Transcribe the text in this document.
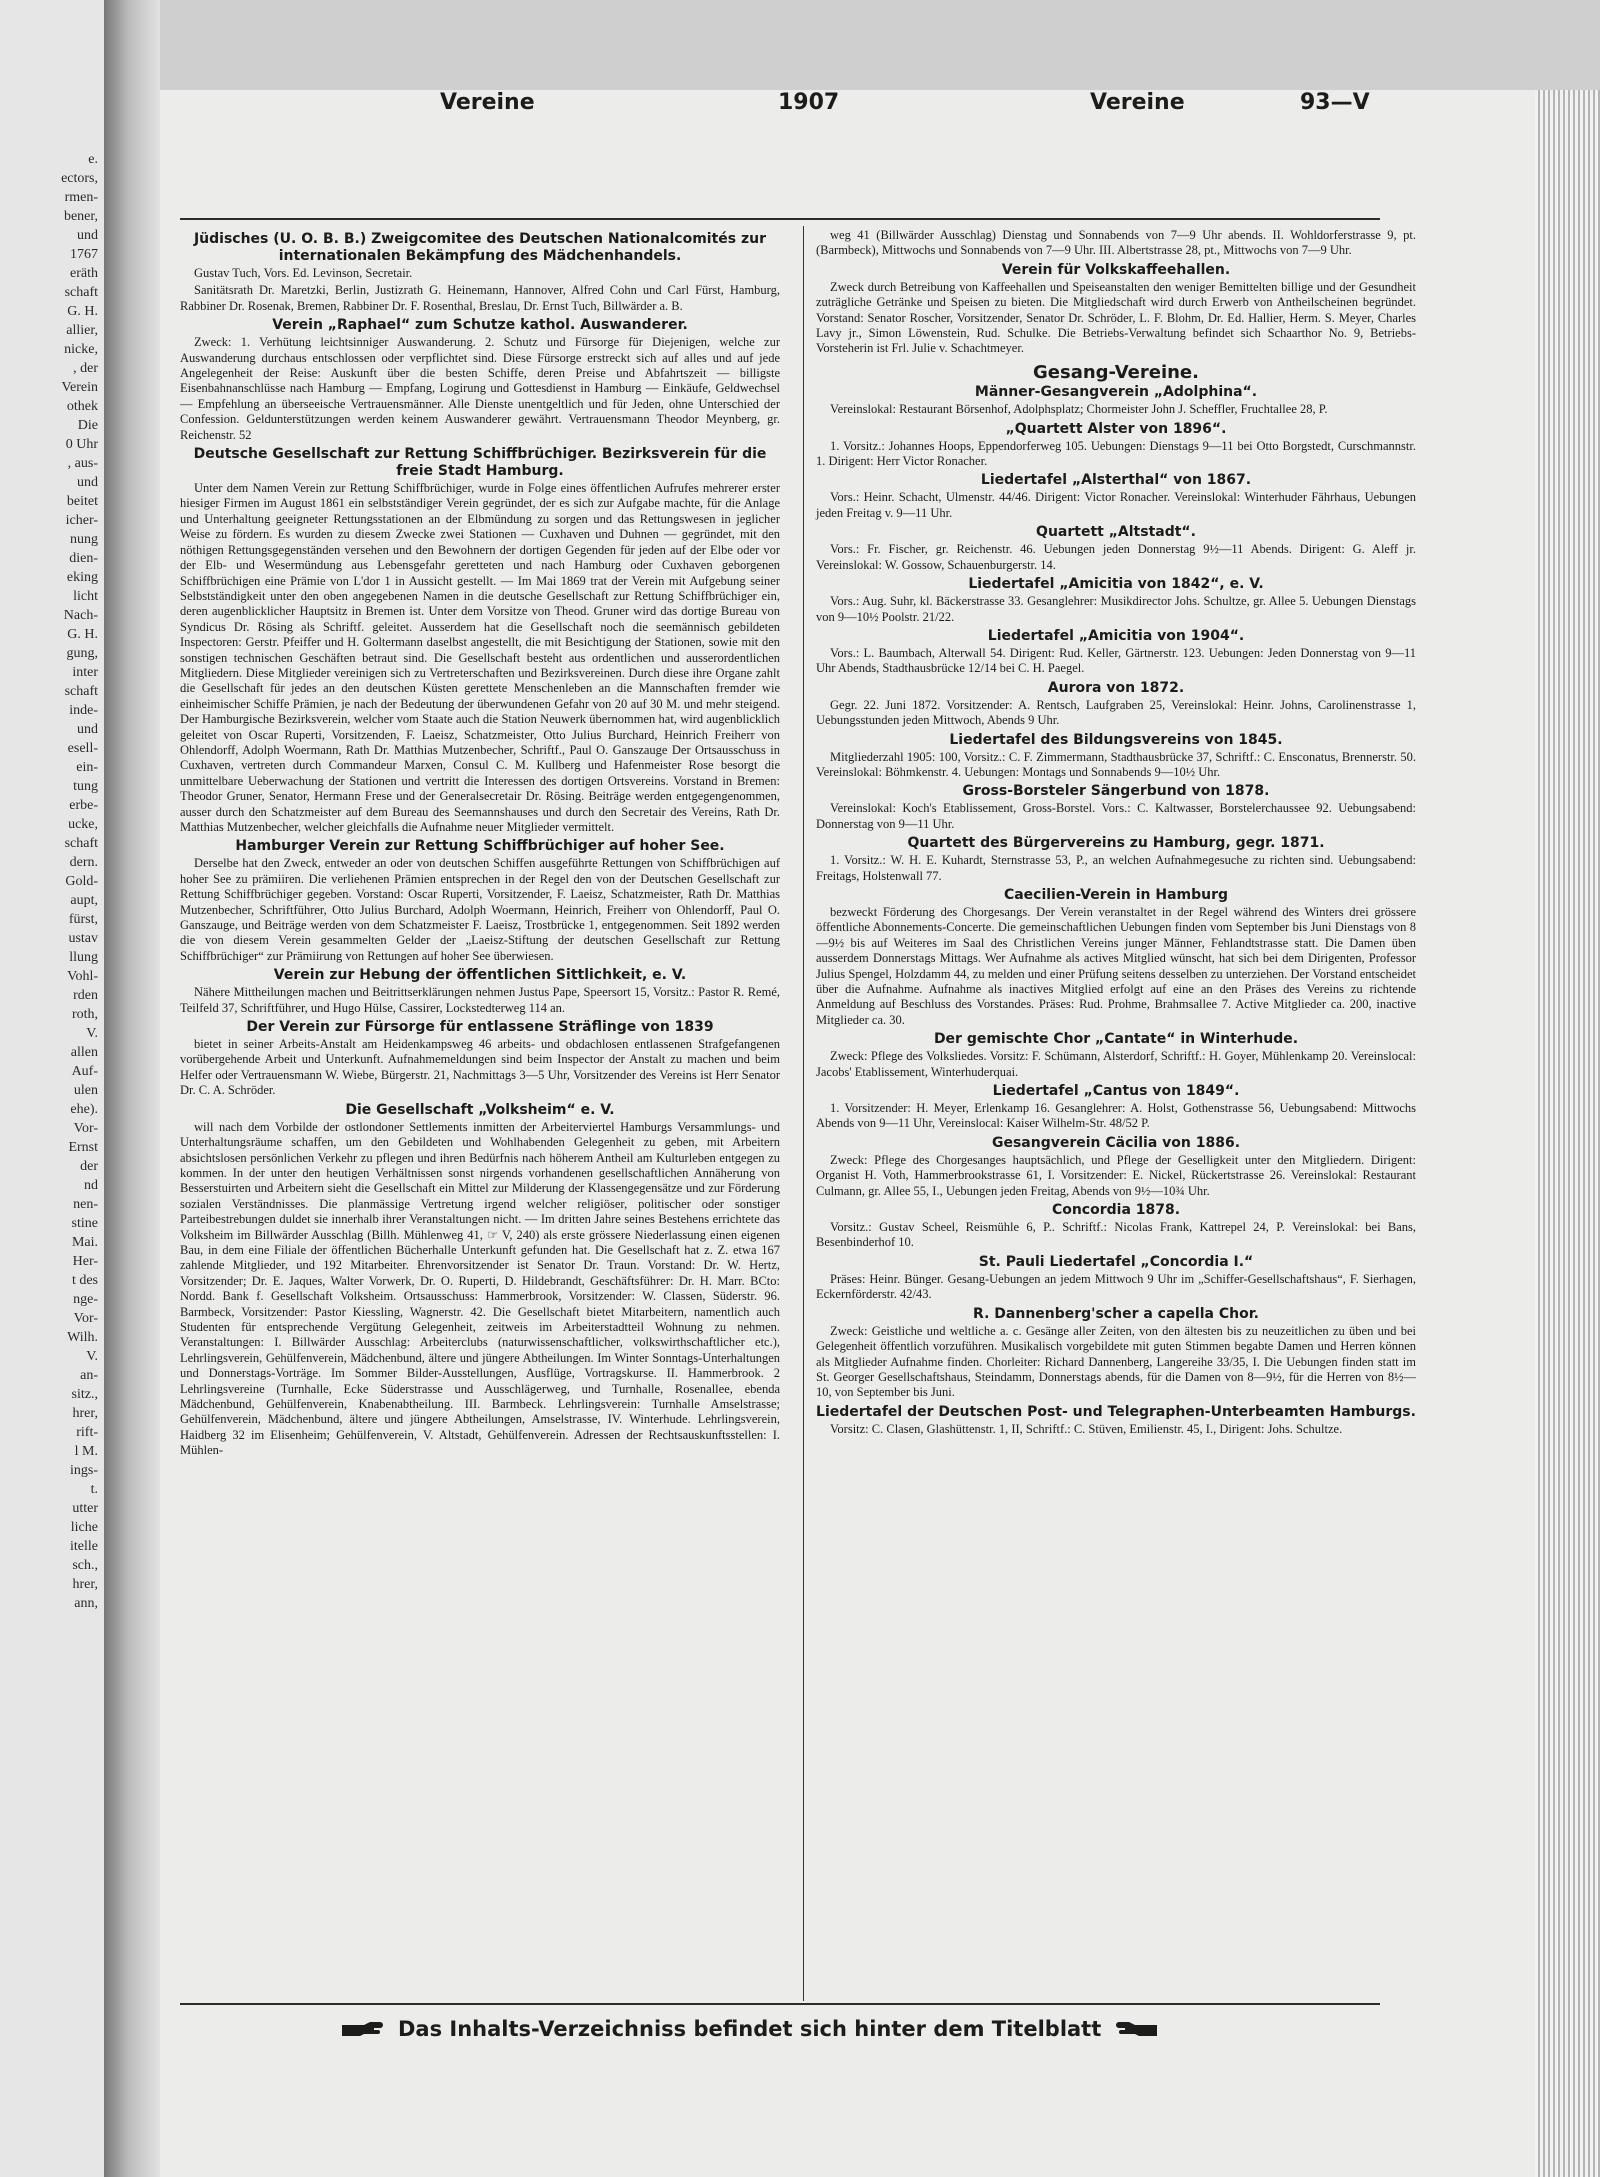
e.
ectors,
rmen-
bener,
und
1767
eräth
schaft
G. H.
allier,
nicke,
, der
Verein
othek
Die
0 Uhr
, aus-
und
beitet
icher-
nung
dien-
eking
licht
Nach-
G. H.
gung,
inter
schaft
inde-
und
esell-
ein-
tung
erbe-
ucke,
schaft
dern.
Gold-
aupt,
fürst,
ustav
llung
Vohl-
rden
roth,
V.
allen
Auf-
ulen
ehe).
Vor-
Ernst
der
nd
nen-
stine
Mai.
Her-
t des
nge-
Vor-
Wilh.
V.
an-
sitz.,
hrer,
rift-
l M.
ings-
t.
utter
liche
itelle
sch.,
hrer,
ann,
Vereine	1907	Vereine	93—V
Jüdisches (U. O. B. B.) Zweigcomitee des Deutschen Nationalcomités zur internationalen Bekämpfung des Mädchenhandels.

Gustav Tuch, Vors. Ed. Levinson, Secretair.

Sanitätsrath Dr. Maretzki, Berlin, Justizrath G. Heinemann, Hannover, Alfred Cohn und Carl Fürst, Hamburg, Rabbiner Dr. Rosenak, Bremen, Rabbiner Dr. F. Rosenthal, Breslau, Dr. Ernst Tuch, Billwärder a. B.

Verein „Raphael“ zum Schutze kathol. Auswanderer.

Zweck: 1. Verhütung leichtsinniger Auswanderung. 2. Schutz und Fürsorge für Diejenigen, welche zur Auswanderung durchaus entschlossen oder verpflichtet sind. Diese Fürsorge erstreckt sich auf alles und auf jede Angelegenheit der Reise: Auskunft über die besten Schiffe, deren Preise und Abfahrtszeit — billigste Eisenbahnanschlüsse nach Hamburg — Empfang, Logirung und Gottesdienst in Hamburg — Einkäufe, Geldwechsel — Empfehlung an überseeische Vertrauensmänner. Alle Dienste unentgeltlich und für Jeden, ohne Unterschied der Confession. Geldunterstützungen werden keinem Auswanderer gewährt. Vertrauensmann Theodor Meynberg, gr. Reichenstr. 52

Deutsche Gesellschaft zur Rettung Schiffbrüchiger. Bezirksverein für die freie Stadt Hamburg.

Unter dem Namen Verein zur Rettung Schiffbrüchiger, wurde in Folge eines öffentlichen Aufrufes mehrerer erster hiesiger Firmen im August 1861 ein selbstständiger Verein gegründet, der es sich zur Aufgabe machte, für die Anlage und Unterhaltung geeigneter Rettungsstationen an der Elbmündung zu sorgen und das Rettungswesen in jeglicher Weise zu fördern. Es wurden zu diesem Zwecke zwei Stationen — Cuxhaven und Duhnen — gegründet, mit den nöthigen Rettungsgegenständen versehen und den Bewohnern der dortigen Gegenden für jeden auf der Elbe oder vor der Elb- und Wesermündung aus Lebensgefahr geretteten und nach Hamburg oder Cuxhaven geborgenen Schiffbrüchigen eine Prämie von L'dor 1 in Aussicht gestellt. — Im Mai 1869 trat der Verein mit Aufgebung seiner Selbstständigkeit unter den oben angegebenen Namen in die deutsche Gesellschaft zur Rettung Schiffbrüchiger ein, deren augenblicklicher Hauptsitz in Bremen ist. Unter dem Vorsitze von Theod. Gruner wird das dortige Bureau von Syndicus Dr. Rösing als Schriftf. geleitet. Ausserdem hat die Gesellschaft noch die seemännisch gebildeten Inspectoren: Gerstr. Pfeiffer und H. Goltermann daselbst angestellt, die mit Besichtigung der Stationen, sowie mit den sonstigen technischen Geschäften betraut sind. Die Gesellschaft besteht aus ordentlichen und ausserordentlichen Mitgliedern. Diese Mitglieder vereinigen sich zu Vertreterschaften und Bezirksvereinen. Durch diese ihre Organe zahlt die Gesellschaft für jedes an den deutschen Küsten gerettete Menschenleben an die Mannschaften fremder wie einheimischer Schiffe Prämien, je nach der Bedeutung der überwundenen Gefahr von 20 auf 30 M. und mehr steigend. Der Hamburgische Bezirksverein, welcher vom Staate auch die Station Neuwerk übernommen hat, wird augenblicklich geleitet von Oscar Ruperti, Vorsitzenden, F. Laeisz, Schatzmeister, Otto Julius Burchard, Heinrich Freiherr von Ohlendorff, Adolph Woermann, Rath Dr. Matthias Mutzenbecher, Schriftf., Paul O. Ganszauge Der Ortsausschuss in Cuxhaven, vertreten durch Commandeur Marxen, Consul C. M. Kullberg und Hafenmeister Rose besorgt die unmittelbare Ueberwachung der Stationen und vertritt die Interessen des dortigen Ortsvereins. Vorstand in Bremen: Theodor Gruner, Senator, Hermann Frese und der Generalsecretair Dr. Rösing. Beiträge werden entgegengenommen, ausser durch den Schatzmeister auf dem Bureau des Seemannshauses und durch den Secretair des Vereins, Rath Dr. Matthias Mutzenbecher, welcher gleichfalls die Aufnahme neuer Mitglieder vermittelt.

Hamburger Verein zur Rettung Schiffbrüchiger auf hoher See.

Derselbe hat den Zweck, entweder an oder von deutschen Schiffen ausgeführte Rettungen von Schiffbrüchigen auf hoher See zu prämiiren. Die verliehenen Prämien entsprechen in der Regel den von der Deutschen Gesellschaft zur Rettung Schiffbrüchiger gegeben. Vorstand: Oscar Ruperti, Vorsitzender, F. Laeisz, Schatzmeister, Rath Dr. Matthias Mutzenbecher, Schriftführer, Otto Julius Burchard, Adolph Woermann, Heinrich, Freiherr von Ohlendorff, Paul O. Ganszauge, und Beiträge werden von dem Schatzmeister F. Laeisz, Trostbrücke 1, entgegenommen. Seit 1892 werden die von diesem Verein gesammelten Gelder der „Laeisz-Stiftung der deutschen Gesellschaft zur Rettung Schiffbrüchiger“ zur Prämiirung von Rettungen auf hoher See überwiesen.

Verein zur Hebung der öffentlichen Sittlichkeit, e. V.

Nähere Mittheilungen machen und Beitrittserklärungen nehmen Justus Pape, Speersort 15, Vorsitz.: Pastor R. Remé, Teilfeld 37, Schriftführer, und Hugo Hülse, Cassirer, Lockstedterweg 114 an.

Der Verein zur Fürsorge für entlassene Sträflinge von 1839

bietet in seiner Arbeits-Anstalt am Heidenkampsweg 46 arbeits- und obdachlosen entlassenen Strafgefangenen vorübergehende Arbeit und Unterkunft. Aufnahmemeldungen sind beim Inspector der Anstalt zu machen und beim Helfer oder Vertrauensmann W. Wiebe, Bürgerstr. 21, Nachmittags 3—5 Uhr, Vorsitzender des Vereins ist Herr Senator Dr. C. A. Schröder.

Die Gesellschaft „Volksheim“ e. V.

will nach dem Vorbilde der ostlondoner Settlements inmitten der Arbeiterviertel Hamburgs Versammlungs- und Unterhaltungsräume schaffen, um den Gebildeten und Wohlhabenden Gelegenheit zu geben, mit Arbeitern absichtslosen persönlichen Verkehr zu pflegen und ihren Bedürfnis nach höherem Antheil am Kulturleben entgegen zu kommen. In der unter den heutigen Verhältnissen sonst nirgends vorhandenen gesellschaftlichen Annäherung von Besserstuirten und Arbeitern sieht die Gesellschaft ein Mittel zur Milderung der Klassengegensätze und zur Förderung sozialen Verständnisses. Die planmässige Vertretung irgend welcher religiöser, politischer oder sonstiger Parteibestrebungen duldet sie innerhalb ihrer Veranstaltungen nicht. — Im dritten Jahre seines Bestehens errichtete das Volksheim im Billwärder Ausschlag (Billh. Mühlenweg 41, ☞ V, 240) als erste grössere Niederlassung einen eigenen Bau, in dem eine Filiale der öffentlichen Bücherhalle Unterkunft gefunden hat. Die Gesellschaft hat z. Z. etwa 167 zahlende Mitglieder, und 192 Mitarbeiter. Ehrenvorsitzender ist Senator Dr. Traun. Vorstand: Dr. W. Hertz, Vorsitzender; Dr. E. Jaques, Walter Vorwerk, Dr. O. Ruperti, D. Hildebrandt, Geschäftsführer: Dr. H. Marr. BCto: Nordd. Bank f. Gesellschaft Volksheim. Ortsausschuss: Hammerbrook, Vorsitzender: W. Classen, Süderstr. 96. Barmbeck, Vorsitzender: Pastor Kiessling, Wagnerstr. 42. Die Gesellschaft bietet Mitarbeitern, namentlich auch Studenten für entsprechende Vergütung Gelegenheit, zeitweis im Arbeiterstadtteil Wohnung zu nehmen. Veranstaltungen: I. Billwärder Ausschlag: Arbeiterclubs (naturwissenschaftlicher, volkswirthschaftlicher etc.), Lehrlingsverein, Gehülfenverein, Mädchenbund, ältere und jüngere Abtheilungen. Im Winter Sonntags-Unterhaltungen und Donnerstags-Vorträge. Im Sommer Bilder-Ausstellungen, Ausflüge, Vortragskurse. II. Hammerbrook. 2 Lehrlingsvereine (Turnhalle, Ecke Süderstrasse und Ausschlägerweg, und Turnhalle, Rosenallee, ebenda Mädchenbund, Gehülfenverein, Knabenabtheilung. III. Barmbeck. Lehrlingsverein: Turnhalle Amselstrasse; Gehülfenverein, Mädchenbund, ältere und jüngere Abtheilungen, Amselstrasse, IV. Winterhude. Lehrlingsverein, Haidberg 32 im Elisenheim; Gehülfenverein, V. Altstadt, Gehülfenverein. Adressen der Rechtsauskunftsstellen: I. Mühlen-

weg 41 (Billwärder Ausschlag) Dienstag und Sonnabends von 7—9 Uhr abends. II. Wohldorferstrasse 9, pt. (Barmbeck), Mittwochs und Sonnabends von 7—9 Uhr. III. Albertstrasse 28, pt., Mittwochs von 7—9 Uhr.

Verein für Volkskaffeehallen.

Zweck durch Betreibung von Kaffeehallen und Speiseanstalten den weniger Bemittelten billige und der Gesundheit zuträgliche Getränke und Speisen zu bieten. Die Mitgliedschaft wird durch Erwerb von Antheilscheinen begründet. Vorstand: Senator Roscher, Vorsitzender, Senator Dr. Schröder, L. F. Blohm, Dr. Ed. Hallier, Herm. S. Meyer, Charles Lavy jr., Simon Löwenstein, Rud. Schulke. Die Betriebs-Verwaltung befindet sich Schaarthor No. 9, Betriebs-Vorsteherin ist Frl. Julie v. Schachtmeyer.

Gesang-Vereine.
Männer-Gesangverein „Adolphina“.

Vereinslokal: Restaurant Börsenhof, Adolphsplatz; Chormeister John J. Scheffler, Fruchtallee 28, P.

„Quartett Alster von 1896“.

1. Vorsitz.: Johannes Hoops, Eppendorferweg 105. Uebungen: Dienstags 9—11 bei Otto Borgstedt, Curschmannstr. 1. Dirigent: Herr Victor Ronacher.

Liedertafel „Alsterthal“ von 1867.

Vors.: Heinr. Schacht, Ulmenstr. 44/46. Dirigent: Victor Ronacher. Vereinslokal: Winterhuder Fährhaus, Uebungen jeden Freitag v. 9—11 Uhr.

Quartett „Altstadt“.

Vors.: Fr. Fischer, gr. Reichenstr. 46. Uebungen jeden Donnerstag 9½—11 Abends. Dirigent: G. Aleff jr. Vereinslokal: W. Gossow, Schauenburgerstr. 14.

Liedertafel „Amicitia von 1842“, e. V.

Vors.: Aug. Suhr, kl. Bäckerstrasse 33. Gesanglehrer: Musikdirector Johs. Schultze, gr. Allee 5. Uebungen Dienstags von 9—10½ Poolstr. 21/22.

Liedertafel „Amicitia von 1904“.

Vors.: L. Baumbach, Alterwall 54. Dirigent: Rud. Keller, Gärtnerstr. 123. Uebungen: Jeden Donnerstag von 9—11 Uhr Abends, Stadthausbrücke 12/14 bei C. H. Paegel.

Aurora von 1872.

Gegr. 22. Juni 1872. Vorsitzender: A. Rentsch, Laufgraben 25, Vereinslokal: Heinr. Johns, Carolinenstrasse 1, Uebungsstunden jeden Mittwoch, Abends 9 Uhr.

Liedertafel des Bildungsvereins von 1845.

Mitgliederzahl 1905: 100, Vorsitz.: C. F. Zimmermann, Stadthausbrücke 37, Schriftf.: C. Ensconatus, Brennerstr. 50. Vereinslokal: Böhmkenstr. 4. Uebungen: Montags und Sonnabends 9—10½ Uhr.

Gross-Borsteler Sängerbund von 1878.

Vereinslokal: Koch's Etablissement, Gross-Borstel. Vors.: C. Kaltwasser, Borstelerchaussee 92. Uebungsabend: Donnerstag von 9—11 Uhr.

Quartett des Bürgervereins zu Hamburg, gegr. 1871.

1. Vorsitz.: W. H. E. Kuhardt, Sternstrasse 53, P., an welchen Aufnahmegesuche zu richten sind. Uebungsabend: Freitags, Holstenwall 77.

Caecilien-Verein in Hamburg

bezweckt Förderung des Chorgesangs. Der Verein veranstaltet in der Regel während des Winters drei grössere öffentliche Abonnements-Concerte. Die gemeinschaftlichen Uebungen finden vom September bis Juni Dienstags von 8—9½ bis auf Weiteres im Saal des Christlichen Vereins junger Männer, Fehlandtstrasse statt. Die Damen üben ausserdem Donnerstags Mittags. Wer Aufnahme als actives Mitglied wünscht, hat sich bei dem Dirigenten, Professor Julius Spengel, Holzdamm 44, zu melden und einer Prüfung seitens desselben zu unterziehen. Der Vorstand entscheidet über die Aufnahme. Aufnahme als inactives Mitglied erfolgt auf eine an den Präses des Vereins zu richtende Anmeldung auf Beschluss des Vorstandes. Präses: Rud. Prohme, Brahmsallee 7. Active Mitglieder ca. 200, inactive Mitglieder ca. 30.

Der gemischte Chor „Cantate“ in Winterhude.

Zweck: Pflege des Volksliedes. Vorsitz: F. Schümann, Alsterdorf, Schriftf.: H. Goyer, Mühlenkamp 20. Vereinslocal: Jacobs' Etablissement, Winterhuderquai.

Liedertafel „Cantus von 1849“.

1. Vorsitzender: H. Meyer, Erlenkamp 16. Gesanglehrer: A. Holst, Gothenstrasse 56, Uebungsabend: Mittwochs Abends von 9—11 Uhr, Vereinslocal: Kaiser Wilhelm-Str. 48/52 P.

Gesangverein Cäcilia von 1886.

Zweck: Pflege des Chorgesanges hauptsächlich, und Pflege der Geselligkeit unter den Mitgliedern. Dirigent: Organist H. Voth, Hammerbrookstrasse 61, I. Vorsitzender: E. Nickel, Rückertstrasse 26. Vereinslokal: Restaurant Culmann, gr. Allee 55, I., Uebungen jeden Freitag, Abends von 9½—10¾ Uhr.

Concordia 1878.

Vorsitz.: Gustav Scheel, Reismühle 6, P.. Schriftf.: Nicolas Frank, Kattrepel 24, P. Vereinslokal: bei Bans, Besenbinderhof 10.

St. Pauli Liedertafel „Concordia I.“

Präses: Heinr. Bünger. Gesang-Uebungen an jedem Mittwoch 9 Uhr im „Schiffer-Gesellschaftshaus“, F. Sierhagen, Eckernförderstr. 42/43.

R. Dannenberg'scher a capella Chor.

Zweck: Geistliche und weltliche a. c. Gesänge aller Zeiten, von den ältesten bis zu neuzeitlichen zu üben und bei Gelegenheit öffentlich vorzuführen. Musikalisch vorgebildete mit guten Stimmen begabte Damen und Herren können als Mitglieder Aufnahme finden. Chorleiter: Richard Dannenberg, Langereihe 33/35, I. Die Uebungen finden statt im St. Georger Gesellschaftshaus, Steindamm, Donnerstags abends, für die Damen von 8—9½, für die Herren von 8½—10, von September bis Juni.

Liedertafel der Deutschen Post- und Telegraphen-Unterbeamten Hamburgs.

Vorsitz: C. Clasen, Glashüttenstr. 1, II, Schriftf.: C. Stüven, Emilienstr. 45, I., Dirigent: Johs. Schultze.

Das Inhalts-Verzeichniss befindet sich hinter dem Titelblatt
